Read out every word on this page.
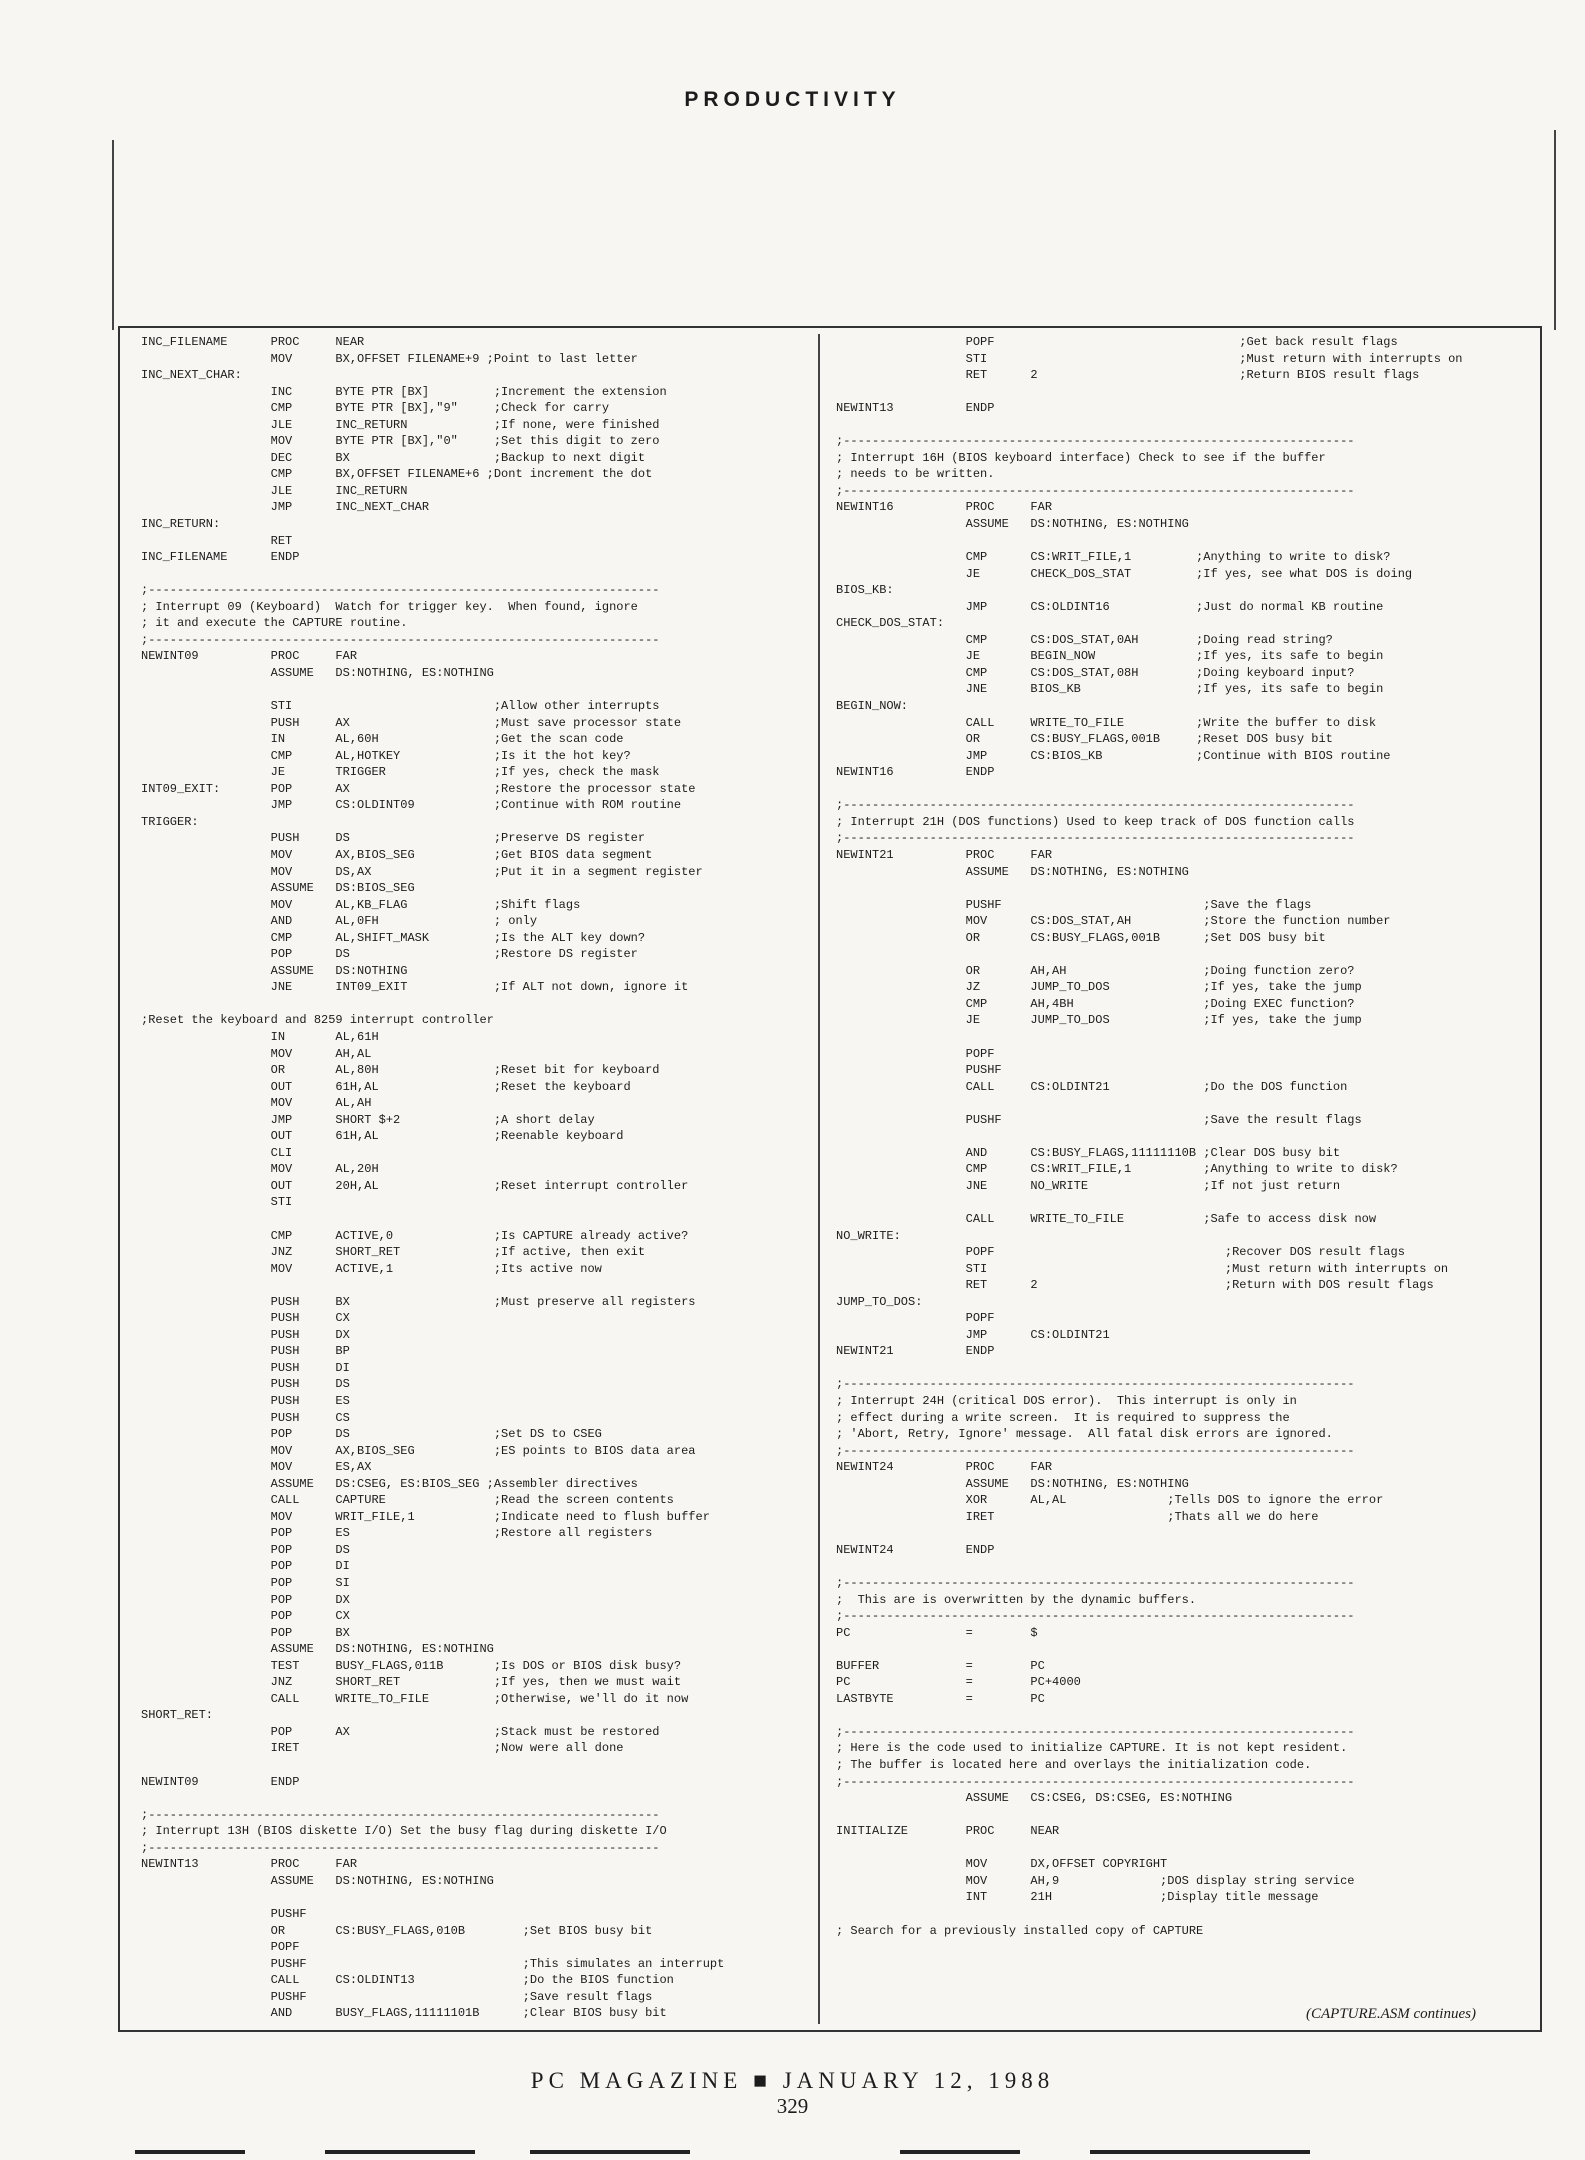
PRODUCTIVITY
INC_FILENAME      PROC     NEAR
MOV      BX,OFFSET FILENAME+9 ;Point to last letter
INC_NEXT_CHAR:
INC      BYTE PTR [BX]         ;Increment the extension
CMP      BYTE PTR [BX],"9"     ;Check for carry
JLE      INC_RETURN            ;If none, were finished
MOV      BYTE PTR [BX],"0"     ;Set this digit to zero
DEC      BX                    ;Backup to next digit
CMP      BX,OFFSET FILENAME+6 ;Dont increment the dot
JLE      INC_RETURN
JMP      INC_NEXT_CHAR
INC_RETURN:
RET
INC_FILENAME      ENDP
;-----------------------------------------------------------------------
; Interrupt 09 (Keyboard)  Watch for trigger key.  When found, ignore
; it and execute the CAPTURE routine.
;-----------------------------------------------------------------------
NEWINT09          PROC     FAR
ASSUME   DS:NOTHING, ES:NOTHING
STI                            ;Allow other interrupts
PUSH     AX                    ;Must save processor state
IN       AL,60H                ;Get the scan code
CMP      AL,HOTKEY             ;Is it the hot key?
JE       TRIGGER               ;If yes, check the mask
INT09_EXIT:       POP      AX                    ;Restore the processor state
JMP      CS:OLDINT09           ;Continue with ROM routine
TRIGGER:
PUSH     DS                    ;Preserve DS register
MOV      AX,BIOS_SEG           ;Get BIOS data segment
MOV      DS,AX                 ;Put it in a segment register
ASSUME   DS:BIOS_SEG
MOV      AL,KB_FLAG            ;Shift flags
AND      AL,0FH                ; only
CMP      AL,SHIFT_MASK         ;Is the ALT key down?
POP      DS                    ;Restore DS register
ASSUME   DS:NOTHING
JNE      INT09_EXIT            ;If ALT not down, ignore it
;Reset the keyboard and 8259 interrupt controller
IN       AL,61H
MOV      AH,AL
OR       AL,80H                ;Reset bit for keyboard
OUT      61H,AL                ;Reset the keyboard
MOV      AL,AH
JMP      SHORT $+2             ;A short delay
OUT      61H,AL                ;Reenable keyboard
CLI
MOV      AL,20H
OUT      20H,AL                ;Reset interrupt controller
STI
CMP      ACTIVE,0              ;Is CAPTURE already active?
JNZ      SHORT_RET             ;If active, then exit
MOV      ACTIVE,1              ;Its active now
PUSH     BX                    ;Must preserve all registers
PUSH     CX
PUSH     DX
PUSH     BP
PUSH     DI
PUSH     DS
PUSH     ES
PUSH     CS
POP      DS                    ;Set DS to CSEG
MOV      AX,BIOS_SEG           ;ES points to BIOS data area
MOV      ES,AX
ASSUME   DS:CSEG, ES:BIOS_SEG ;Assembler directives
CALL     CAPTURE               ;Read the screen contents
MOV      WRIT_FILE,1           ;Indicate need to flush buffer
POP      ES                    ;Restore all registers
POP      DS
POP      DI
POP      SI
POP      DX
POP      CX
POP      BX
ASSUME   DS:NOTHING, ES:NOTHING
TEST     BUSY_FLAGS,011B       ;Is DOS or BIOS disk busy?
JNZ      SHORT_RET             ;If yes, then we must wait
CALL     WRITE_TO_FILE         ;Otherwise, we'll do it now
SHORT_RET:
POP      AX                    ;Stack must be restored
IRET                           ;Now were all done
NEWINT09          ENDP
;-----------------------------------------------------------------------
; Interrupt 13H (BIOS diskette I/O) Set the busy flag during diskette I/O
;-----------------------------------------------------------------------
NEWINT13          PROC     FAR
ASSUME   DS:NOTHING, ES:NOTHING
PUSHF
OR       CS:BUSY_FLAGS,010B        ;Set BIOS busy bit
POPF
PUSHF                              ;This simulates an interrupt
CALL     CS:OLDINT13               ;Do the BIOS function
PUSHF                              ;Save result flags
AND      BUSY_FLAGS,11111101B      ;Clear BIOS busy bit
POPF                                  ;Get back result flags
STI                                   ;Must return with interrupts on
RET      2                            ;Return BIOS result flags
NEWINT13          ENDP
;-----------------------------------------------------------------------
; Interrupt 16H (BIOS keyboard interface) Check to see if the buffer
; needs to be written.
;-----------------------------------------------------------------------
NEWINT16          PROC     FAR
ASSUME   DS:NOTHING, ES:NOTHING
CMP      CS:WRIT_FILE,1         ;Anything to write to disk?
JE       CHECK_DOS_STAT         ;If yes, see what DOS is doing
BIOS_KB:
JMP      CS:OLDINT16            ;Just do normal KB routine
CHECK_DOS_STAT:
CMP      CS:DOS_STAT,0AH        ;Doing read string?
JE       BEGIN_NOW              ;If yes, its safe to begin
CMP      CS:DOS_STAT,08H        ;Doing keyboard input?
JNE      BIOS_KB                ;If yes, its safe to begin
BEGIN_NOW:
CALL     WRITE_TO_FILE          ;Write the buffer to disk
OR       CS:BUSY_FLAGS,001B     ;Reset DOS busy bit
JMP      CS:BIOS_KB             ;Continue with BIOS routine
NEWINT16          ENDP
;-----------------------------------------------------------------------
; Interrupt 21H (DOS functions) Used to keep track of DOS function calls
;-----------------------------------------------------------------------
NEWINT21          PROC     FAR
ASSUME   DS:NOTHING, ES:NOTHING
PUSHF                            ;Save the flags
MOV      CS:DOS_STAT,AH          ;Store the function number
OR       CS:BUSY_FLAGS,001B      ;Set DOS busy bit
OR       AH,AH                   ;Doing function zero?
JZ       JUMP_TO_DOS             ;If yes, take the jump
CMP      AH,4BH                  ;Doing EXEC function?
JE       JUMP_TO_DOS             ;If yes, take the jump
POPF
PUSHF
CALL     CS:OLDINT21             ;Do the DOS function
PUSHF                            ;Save the result flags
AND      CS:BUSY_FLAGS,11111110B ;Clear DOS busy bit
CMP      CS:WRIT_FILE,1          ;Anything to write to disk?
JNE      NO_WRITE                ;If not just return
CALL     WRITE_TO_FILE           ;Safe to access disk now
NO_WRITE:
POPF                                ;Recover DOS result flags
STI                                 ;Must return with interrupts on
RET      2                          ;Return with DOS result flags
JUMP_TO_DOS:
POPF
JMP      CS:OLDINT21
NEWINT21          ENDP
;-----------------------------------------------------------------------
; Interrupt 24H (critical DOS error).  This interrupt is only in
; effect during a write screen.  It is required to suppress the
; 'Abort, Retry, Ignore' message.  All fatal disk errors are ignored.
;-----------------------------------------------------------------------
NEWINT24          PROC     FAR
ASSUME   DS:NOTHING, ES:NOTHING
XOR      AL,AL              ;Tells DOS to ignore the error
IRET                        ;Thats all we do here
NEWINT24          ENDP
;-----------------------------------------------------------------------
;  This are is overwritten by the dynamic buffers.
;-----------------------------------------------------------------------
PC                =        $
BUFFER            =        PC
PC                =        PC+4000
LASTBYTE          =        PC
;-----------------------------------------------------------------------
; Here is the code used to initialize CAPTURE. It is not kept resident.
; The buffer is located here and overlays the initialization code.
;-----------------------------------------------------------------------
ASSUME   CS:CSEG, DS:CSEG, ES:NOTHING
INITIALIZE        PROC     NEAR
MOV      DX,OFFSET COPYRIGHT
MOV      AH,9              ;DOS display string service
INT      21H               ;Display title message
; Search for a previously installed copy of CAPTURE
(CAPTURE.ASM continues)
PC MAGAZINE ■ JANUARY 12, 1988
329
